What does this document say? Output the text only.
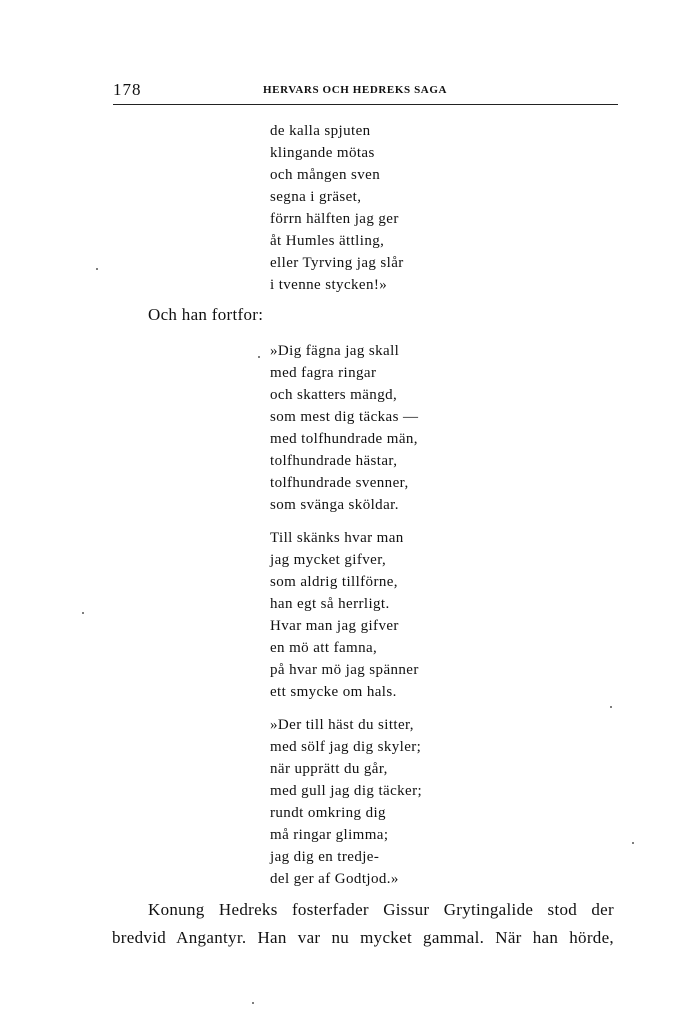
178	HERVARS OCH HEDREKS SAGA
de kalla spjuten
klingande mötas
och mången sven
segna i gräset,
förrn hälften jag ger
åt Humles ättling,
eller Tyrving jag slår
i tvenne stycken!»
Och han fortfor:
»Dig fägna jag skall
med fagra ringar
och skatters mängd,
som mest dig täckas —
med tolfhundrade män,
tolfhundrade hästar,
tolfhundrade svenner,
som svänga sköldar.
Till skänks hvar man
jag mycket gifver,
som aldrig tillförne,
han egt så herrligt.
Hvar man jag gifver
en mö att famna,
på hvar mö jag spänner
ett smycke om hals.
»Der till häst du sitter,
med sölf jag dig skyler;
när upprätt du går,
med gull jag dig täcker;
rundt omkring dig
må ringar glimma;
jag dig en tredje-
del ger af Godtjod.»
Konung Hedreks fosterfader Gissur Grytingalide stod der
bredvid Angantyr. Han var nu mycket gammal. När han hörde,
